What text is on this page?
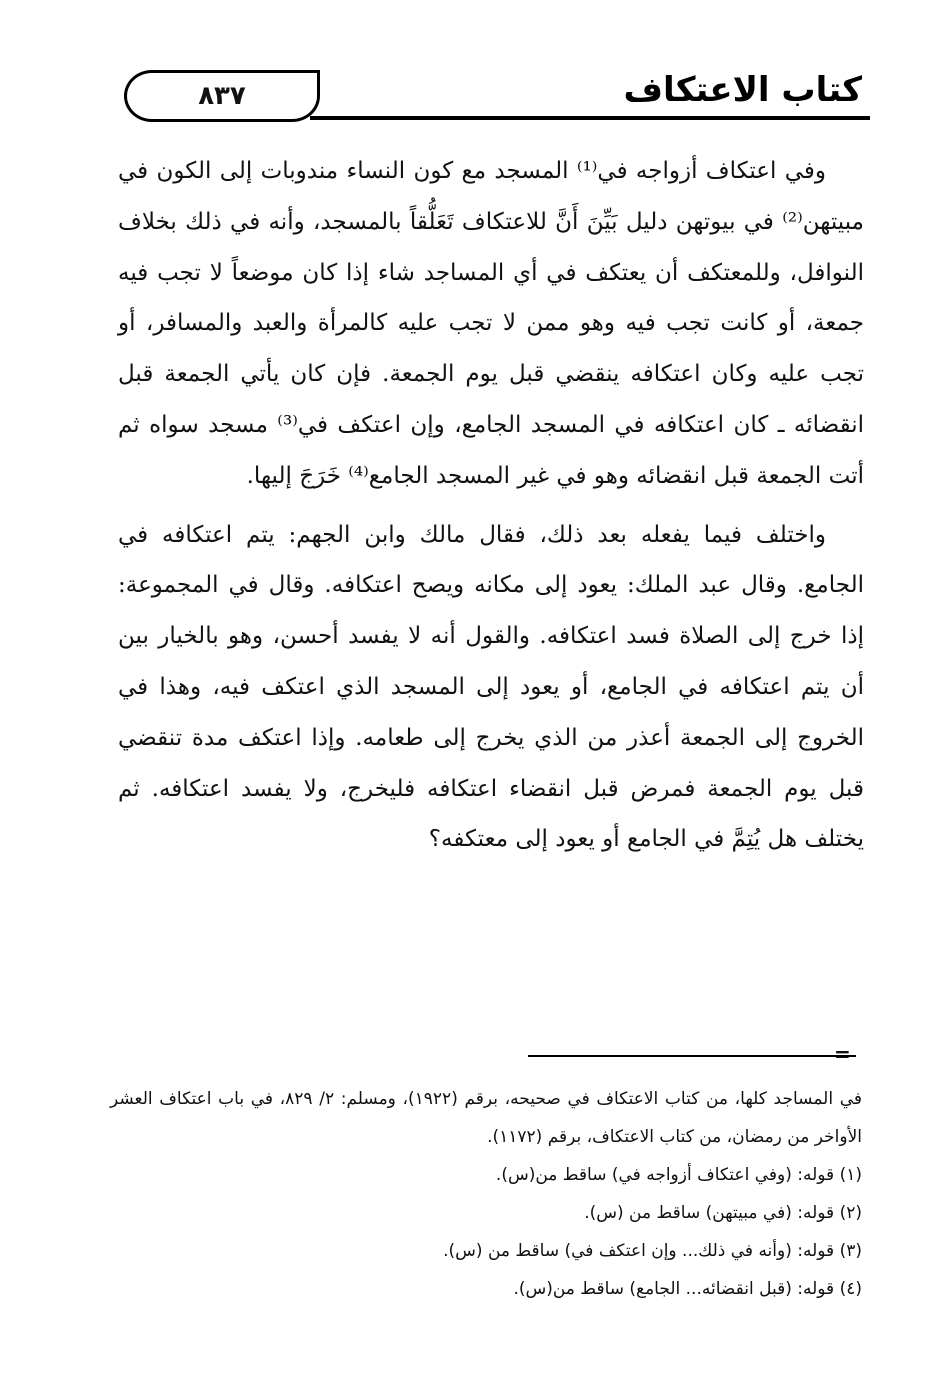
٨٣٧	كتاب الاعتكاف

وفي اعتكاف أزواجه في⁽¹⁾ المسجد مع كون النساء مندوبات إلى الكون في مبيتهن⁽²⁾ في بيوتهن دليل بَيِّنَ أَنَّ للاعتكاف تَعَلُّقاً بالمسجد، وأنه في ذلك بخلاف النوافل، وللمعتكف أن يعتكف في أي المساجد شاء إذا كان موضعاً لا تجب فيه جمعة، أو كانت تجب فيه وهو ممن لا تجب عليه كالمرأة والعبد والمسافر، أو تجب عليه وكان اعتكافه ينقضي قبل يوم الجمعة. فإن كان يأتي الجمعة قبل انقضائه ـ كان اعتكافه في المسجد الجامع، وإن اعتكف في⁽³⁾ مسجد سواه ثم أتت الجمعة قبل انقضائه وهو في غير المسجد الجامع⁽⁴⁾ خَرَجَ إليها.

واختلف فيما يفعله بعد ذلك، فقال مالك وابن الجهم: يتم اعتكافه في الجامع. وقال عبد الملك: يعود إلى مكانه ويصح اعتكافه. وقال في المجموعة: إذا خرج إلى الصلاة فسد اعتكافه. والقول أنه لا يفسد أحسن، وهو بالخيار بين أن يتم اعتكافه في الجامع، أو يعود إلى المسجد الذي اعتكف فيه، وهذا في الخروج إلى الجمعة أعذر من الذي يخرج إلى طعامه. وإذا اعتكف مدة تنقضي قبل يوم الجمعة فمرض قبل انقضاء اعتكافه فليخرج، ولا يفسد اعتكافه. ثم يختلف هل يُتِمَّ في الجامع أو يعود إلى معتكفه؟

=

في المساجد كلها، من كتاب الاعتكاف في صحيحه، برقم (١٩٢٢)، ومسلم: ٢/ ٨٢٩، في باب اعتكاف العشر الأواخر من رمضان، من كتاب الاعتكاف، برقم (١١٧٢).

(١) قوله: (وفي اعتكاف أزواجه في) ساقط من(س).

(٢) قوله: (في مبيتهن) ساقط من (س).

(٣) قوله: (وأنه في ذلك... وإن اعتكف في) ساقط من (س).

(٤) قوله: (قبل انقضائه... الجامع) ساقط من(س).
